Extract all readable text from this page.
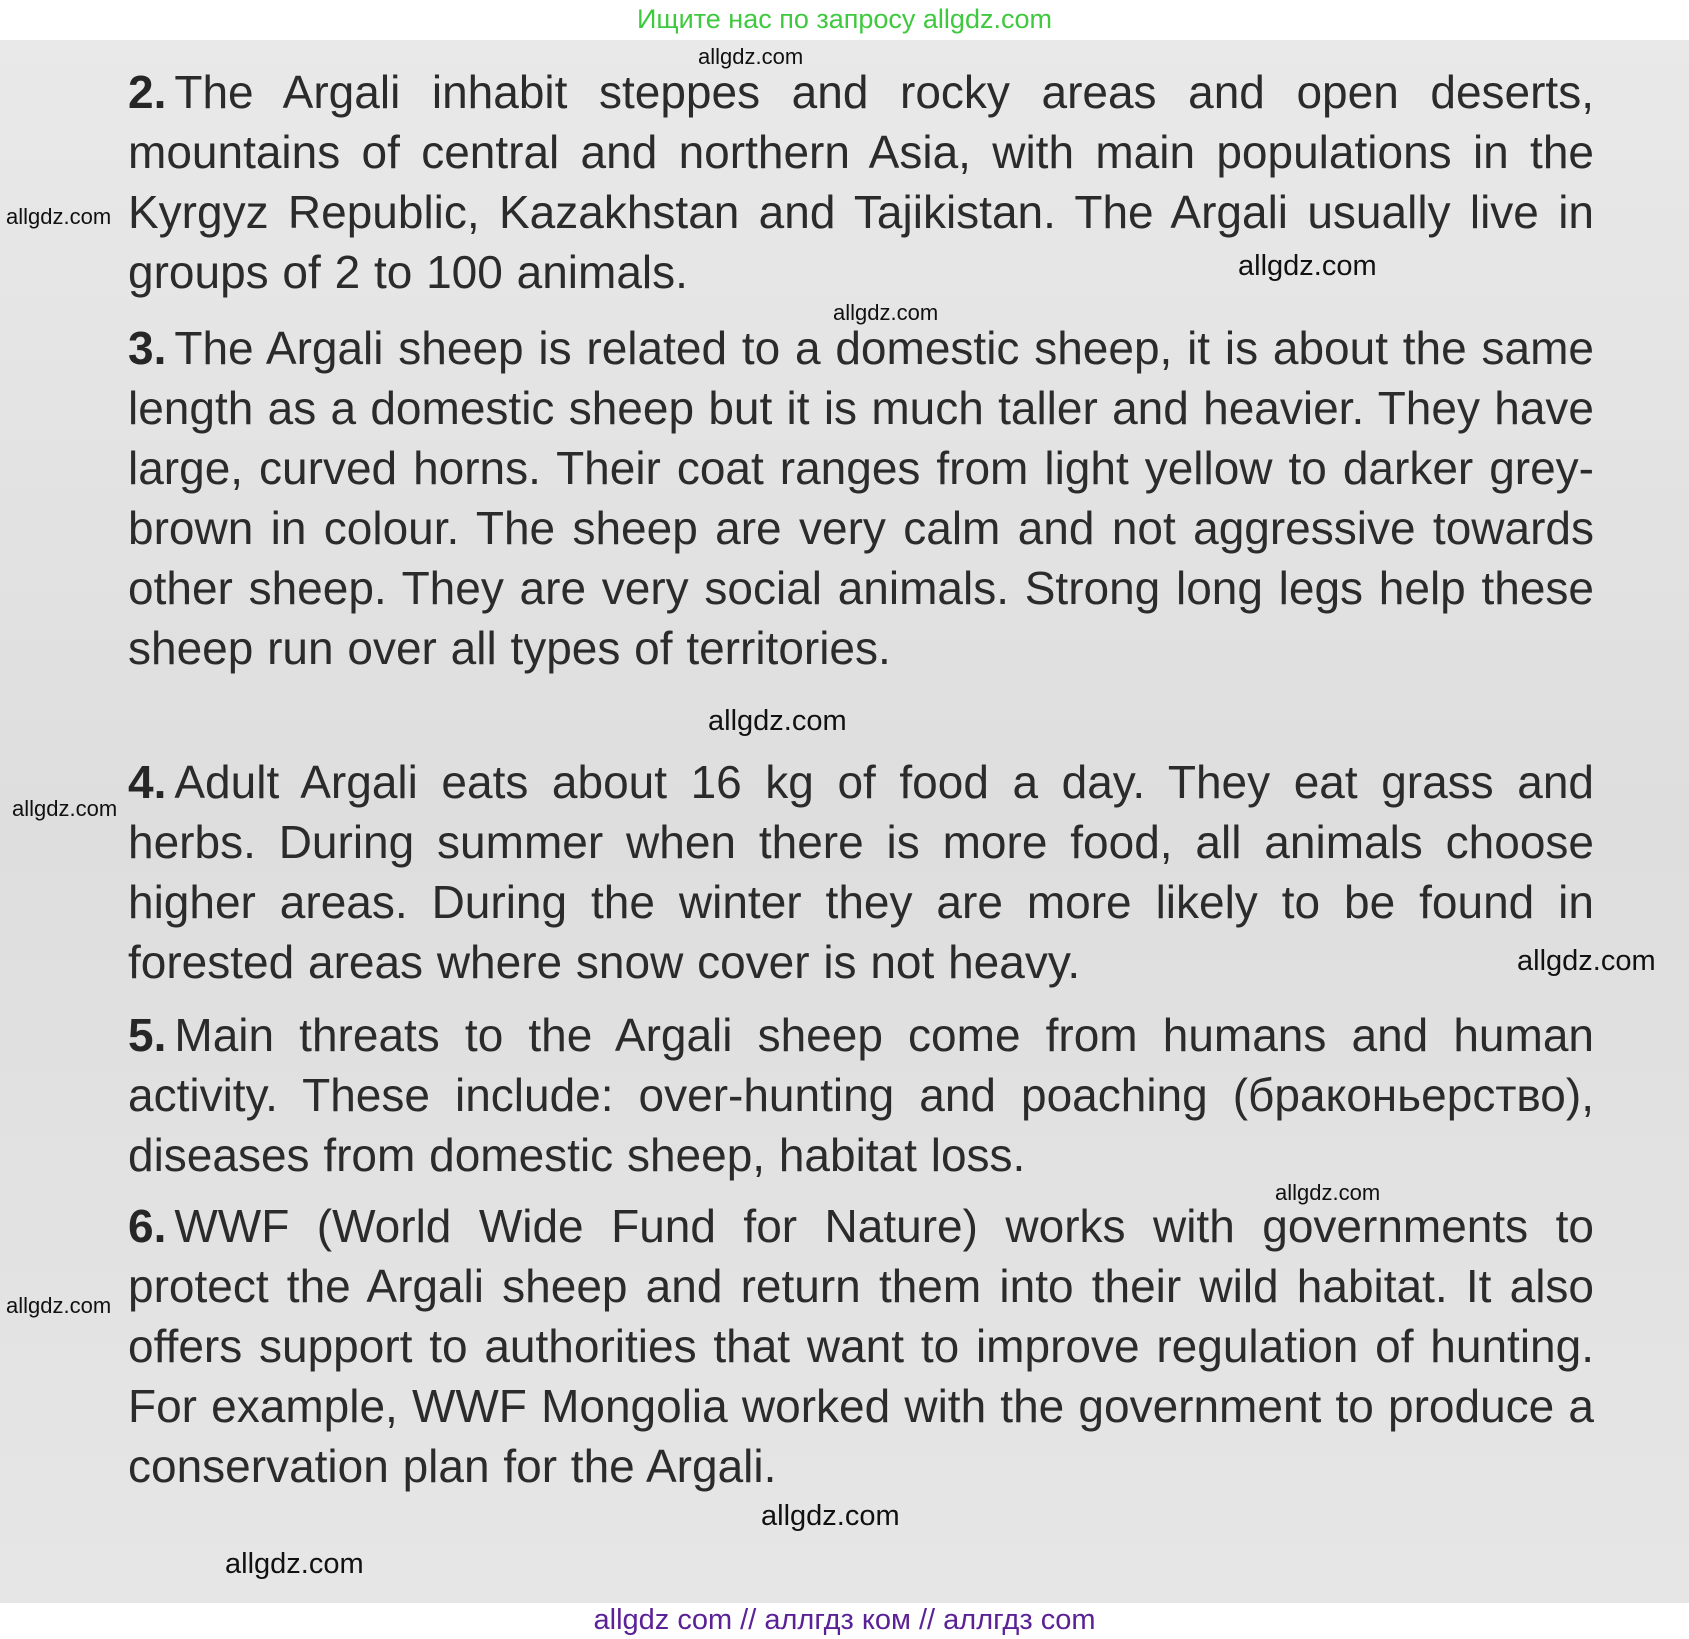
Ищите нас по запросу allgdz.com

2. The Argali inhabit steppes and rocky areas and open deserts, mountains of central and northern Asia, with main populations in the Kyrgyz Republic, Kazakhstan and Tajikistan. The Argali usually live in groups of 2 to 100 animals.

3. The Argali sheep is related to a domestic sheep, it is about the same length as a domestic sheep but it is much taller and heavier. They have large, curved horns. Their coat ranges from light yellow to darker grey-brown in colour. The sheep are very calm and not aggressive towards other sheep. They are very social animals. Strong long legs help these sheep run over all types of territories.

4. Adult Argali eats about 16 kg of food a day. They eat grass and herbs. During summer when there is more food, all animals choose higher areas. During the winter they are more likely to be found in forested areas where snow cover is not heavy.

5. Main threats to the Argali sheep come from humans and human activity. These include: over-hunting and poaching (браконьерство), diseases from domestic sheep, habitat loss.

6. WWF (World Wide Fund for Nature) works with governments to protect the Argali sheep and return them into their wild habitat. It also offers support to authorities that want to improve regulation of hunting. For example, WWF Mongolia worked with the government to produce a conservation plan for the Argali.

allgdz.com
allgdz.com
allgdz.com
allgdz.com
allgdz.com
allgdz.com
allgdz.com
allgdz.com
allgdz.com
allgdz.com
allgdz.com
allgdz com // аллгдз ком // аллгдз com
